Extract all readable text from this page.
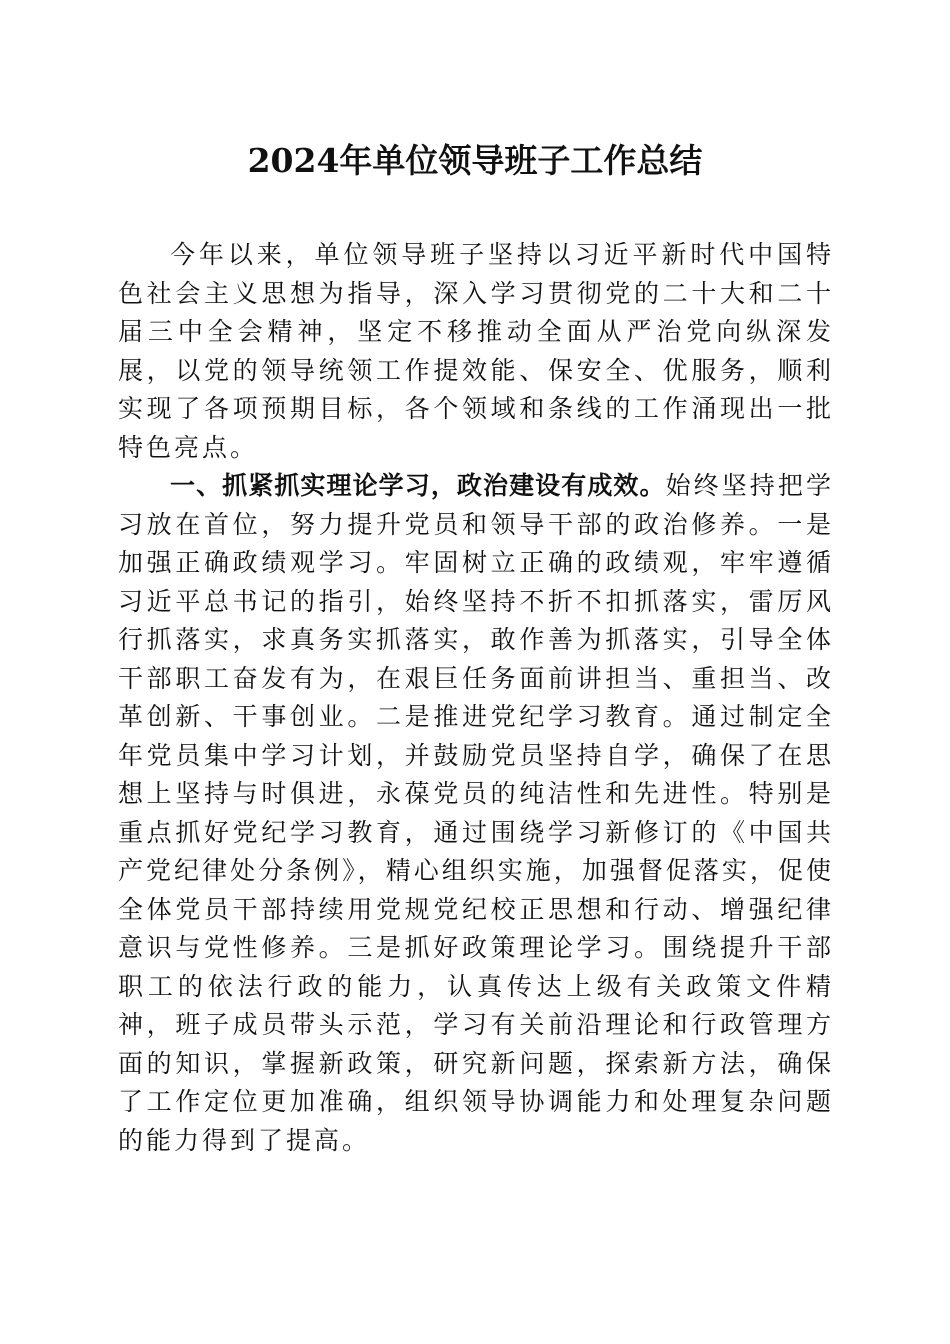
2024年单位领导班子工作总结

今年以来，单位领导班子坚持以习近平新时代中国特色社会主义思想为指导，深入学习贯彻党的二十大和二十届三中全会精神，坚定不移推动全面从严治党向纵深发展，以党的领导统领工作提效能、保安全、优服务，顺利实现了各项预期目标，各个领域和条线的工作涌现出一批特色亮点。

一、抓紧抓实理论学习，政治建设有成效。始终坚持把学习放在首位，努力提升党员和领导干部的政治修养。一是加强正确政绩观学习。牢固树立正确的政绩观，牢牢遵循习近平总书记的指引，始终坚持不折不扣抓落实，雷厉风行抓落实，求真务实抓落实，敢作善为抓落实，引导全体干部职工奋发有为，在艰巨任务面前讲担当、重担当、改革创新、干事创业。二是推进党纪学习教育。通过制定全年党员集中学习计划，并鼓励党员坚持自学，确保了在思想上坚持与时俱进，永葆党员的纯洁性和先进性。特别是重点抓好党纪学习教育，通过围绕学习新修订的《中国共产党纪律处分条例》，精心组织实施，加强督促落实，促使全体党员干部持续用党规党纪校正思想和行动、增强纪律意识与党性修养。三是抓好政策理论学习。围绕提升干部职工的依法行政的能力，认真传达上级有关政策文件精神，班子成员带头示范，学习有关前沿理论和行政管理方面的知识，掌握新政策，研究新问题，探索新方法，确保了工作定位更加准确，组织领导协调能力和处理复杂问题的能力得到了提高。
